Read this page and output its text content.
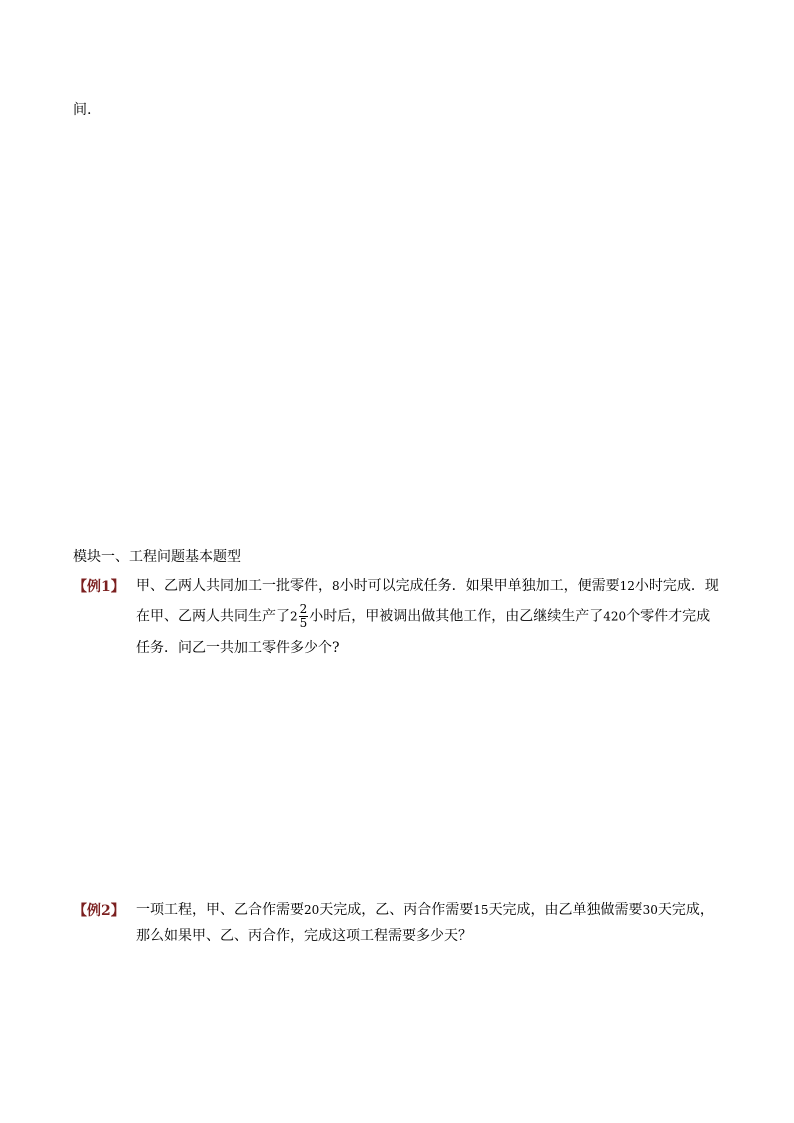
间.
模块一、工程问题基本题型
【例1】 甲、乙两人共同加工一批零件，8小时可以完成任务．如果甲单独加工，便需要12小时完成．现
在甲、乙两人共同生产了$2 \frac{2}{5}$ 小时后，甲被调出做其他工作，由乙继续生产了420个零件才完成
任务．问乙一共加工零件多少个?
【例2】 一项工程，甲、乙合作需要20天完成，乙、丙合作需要15天完成，由乙单独做需要30天完成，
那么如果甲、乙、丙合作，完成这项工程需要多少天？
